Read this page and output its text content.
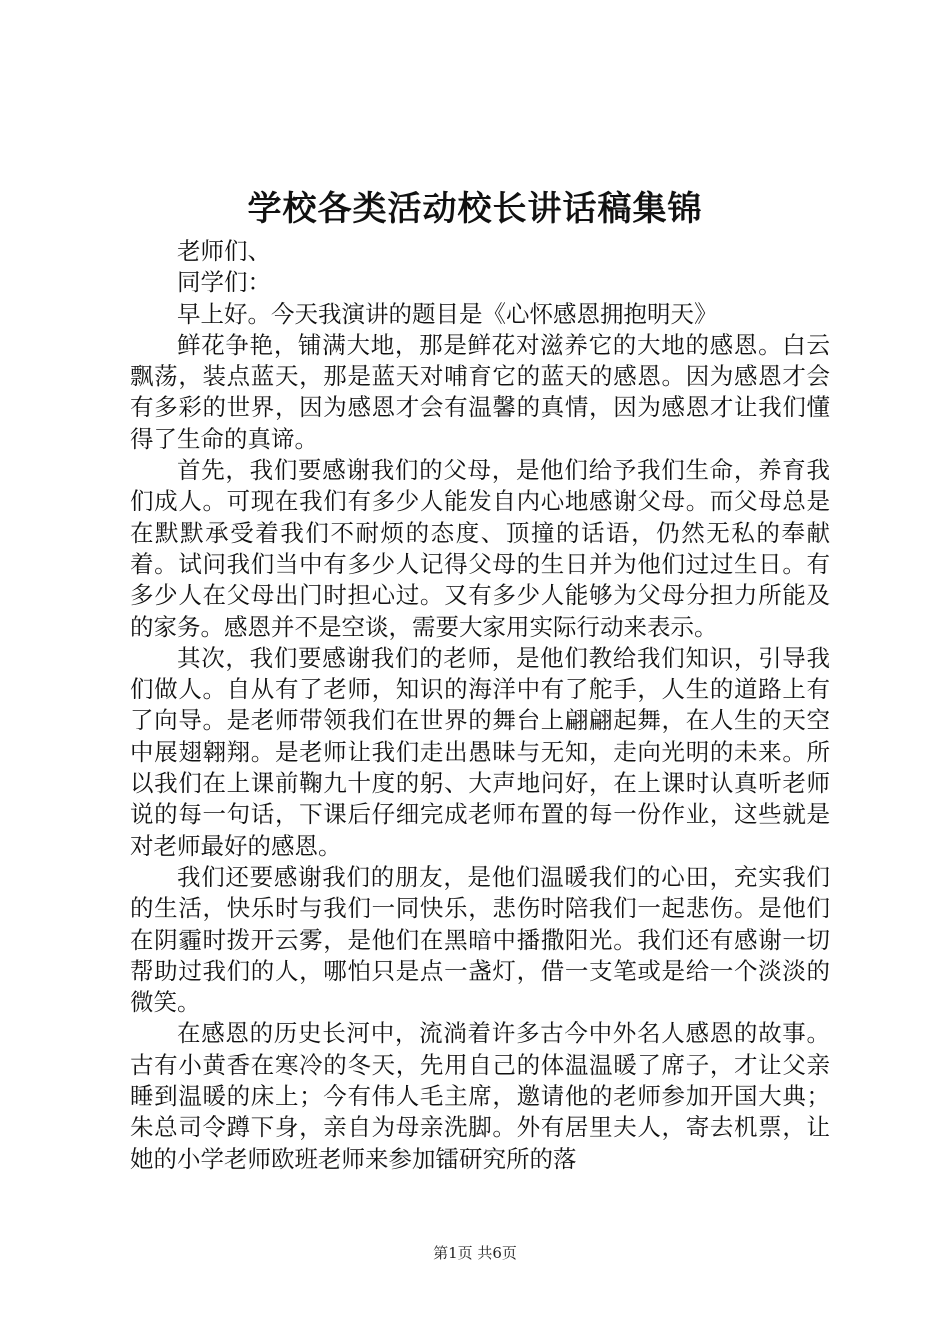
学校各类活动校长讲话稿集锦

老师们、

同学们：

早上好。今天我演讲的题目是《心怀感恩拥抱明天》

鲜花争艳，铺满大地，那是鲜花对滋养它的大地的感恩。白云飘荡，装点蓝天，那是蓝天对哺育它的蓝天的感恩。因为感恩才会有多彩的世界，因为感恩才会有温馨的真情，因为感恩才让我们懂得了生命的真谛。

首先，我们要感谢我们的父母，是他们给予我们生命，养育我们成人。可现在我们有多少人能发自内心地感谢父母。而父母总是在默默承受着我们不耐烦的态度、顶撞的话语，仍然无私的奉献着。试问我们当中有多少人记得父母的生日并为他们过过生日。有多少人在父母出门时担心过。又有多少人能够为父母分担力所能及的家务。感恩并不是空谈，需要大家用实际行动来表示。

其次，我们要感谢我们的老师，是他们教给我们知识，引导我们做人。自从有了老师，知识的海洋中有了舵手，人生的道路上有了向导。是老师带领我们在世界的舞台上翩翩起舞，在人生的天空中展翅翱翔。是老师让我们走出愚昧与无知，走向光明的未来。所以我们在上课前鞠九十度的躬、大声地问好，在上课时认真听老师说的每一句话，下课后仔细完成老师布置的每一份作业，这些就是对老师最好的感恩。

我们还要感谢我们的朋友，是他们温暖我们的心田，充实我们的生活，快乐时与我们一同快乐，悲伤时陪我们一起悲伤。是他们在阴霾时拨开云雾，是他们在黑暗中播撒阳光。我们还有感谢一切帮助过我们的人，哪怕只是点一盏灯，借一支笔或是给一个淡淡的微笑。

在感恩的历史长河中，流淌着许多古今中外名人感恩的故事。古有小黄香在寒冷的冬天，先用自己的体温温暖了席子，才让父亲睡到温暖的床上；今有伟人毛主席，邀请他的老师参加开国大典；朱总司令蹲下身，亲自为母亲洗脚。外有居里夫人，寄去机票，让她的小学老师欧班老师来参加镭研究所的落

第1页 共6页
